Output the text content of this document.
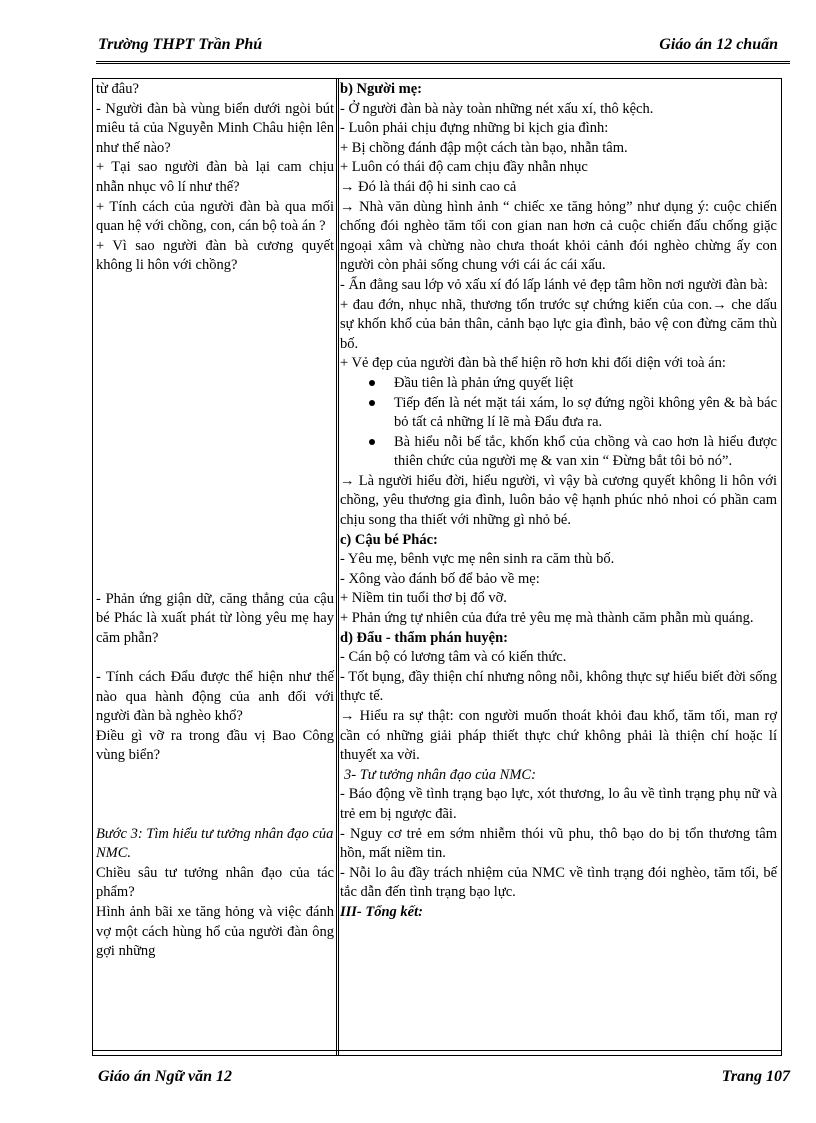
Trường THPT Trần Phú	Giáo án 12 chuẩn

từ đâu?

- Người đàn bà vùng biển dưới ngòi bút miêu tả của Nguyễn Minh Châu hiện lên như thế nào?

+ Tại sao người đàn bà lại cam chịu nhẫn nhục vô lí như thế?

+ Tính cách của người đàn bà qua mối quan hệ với chồng, con, cán bộ toà án ?

+ Vì sao người đàn bà cương quyết không li hôn với chồng?

- Phản ứng giận dữ, căng thẳng của cậu bé Phác là xuất phát từ lòng yêu mẹ hay căm phẫn?

- Tính cách Đẩu được thể hiện như thế nào qua hành động của anh đối với người đàn bà nghèo khổ?

Điều gì vỡ ra trong đầu vị Bao Công vùng biển?

Bước 3: Tìm hiểu tư tưởng nhân đạo của NMC.

Chiều sâu tư tưởng nhân đạo của tác phẩm?

Hình ảnh bãi xe tăng hỏng và việc đánh vợ một cách hùng hổ của người đàn ông gợi những

b) Người mẹ:

- Ở người đàn bà này toàn những nét xấu xí, thô kệch.

- Luôn phải chịu đựng những bi kịch gia đình:

+ Bị chồng đánh đập một cách tàn bạo, nhẫn tâm.

+ Luôn có thái độ cam chịu đầy nhẫn nhục

→ Đó là thái độ hi sinh cao cả

→ Nhà văn dùng hình ảnh “ chiếc xe tăng hỏng” như dụng ý: cuộc chiến chống đói nghèo tăm tối con gian nan hơn cả cuộc chiến đấu chống giặc ngoại xâm và chừng nào chưa thoát khỏi cảnh đói nghèo chừng ấy con người còn phải sống chung với cái ác cái xấu.

- Ẩn đằng sau lớp vỏ xấu xí đó lấp lánh vẻ đẹp tâm hồn nơi người đàn bà:

+ đau đớn, nhục nhã, thương tổn trước sự chứng kiến của con.→ che dấu sự khốn khổ của bản thân, cảnh bạo lực gia đình, bảo vệ con đừng căm thù bố.

+ Vẻ đẹp của người đàn bà thể hiện rõ hơn khi đối diện với toà án:

Đầu tiên là phản ứng quyết liệt

Tiếp đến là nét mặt tái xám, lo sợ đứng ngồi không yên & bà bác bỏ tất cả những lí lẽ mà Đẩu đưa ra.

Bà hiểu nỗi bế tắc, khốn khổ của chồng và cao hơn là hiểu được thiên chức của người mẹ & van xin “ Đừng bắt tôi bỏ nó”.

→ Là người hiểu đời, hiểu người, vì vậy bà cương quyết không li hôn với chồng, yêu thương gia đình, luôn bảo vệ hạnh phúc nhỏ nhoi có phần cam chịu song tha thiết với những gì nhỏ bé.

c) Cậu bé Phác:

- Yêu mẹ, bênh vực mẹ nên sinh ra căm thù bố.

- Xông vào đánh bố để bảo về mẹ:

+ Niềm tin tuổi thơ bị đổ vỡ.

+ Phản ứng tự nhiên của đứa trẻ yêu mẹ mà thành căm phẫn mù quáng.

d) Đẩu - thẩm phán huyện:

- Cán bộ có lương tâm và có kiến thức.

- Tốt bụng, đầy thiện chí nhưng nông nỗi, không thực sự hiểu biết đời sống thực tế.

→ Hiểu ra sự thật: con người muốn thoát khỏi đau khổ, tăm tối, man rợ cần có những giải pháp thiết thực chứ không phải là thiện chí hoặc lí thuyết xa vời.

3- Tư tưởng nhân đạo của NMC:

- Báo động về tình trạng bạo lực, xót thương, lo âu về tình trạng phụ nữ và trẻ em bị ngược đãi.

- Nguy cơ trẻ em sớm nhiễm thói vũ phu, thô bạo do bị tổn thương tâm hồn, mất niềm tin.

- Nỗi lo âu đầy trách nhiệm của NMC về tình trạng đói nghèo, tăm tối, bế tắc dẫn đến tình trạng bạo lực.

III- Tổng kết:

Giáo án Ngữ văn 12	Trang 107
